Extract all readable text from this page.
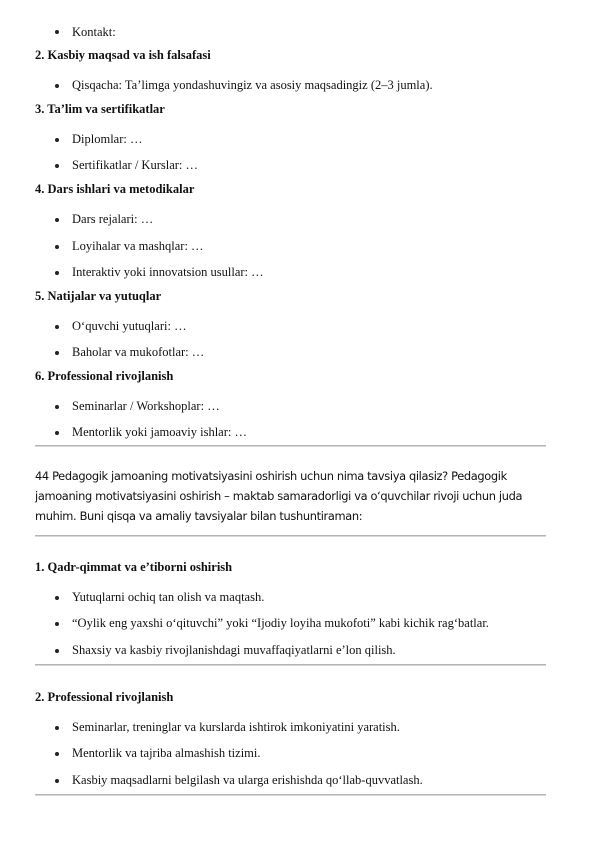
Kontakt:
2. Kasbiy maqsad va ish falsafasi
Qisqacha: Ta’limga yondashuvingiz va asosiy maqsadingiz (2–3 jumla).
3. Ta’lim va sertifikatlar
Diplomlar: …
Sertifikatlar / Kurslar: …
4. Dars ishlari va metodikalar
Dars rejalari: …
Loyihalar va mashqlar: …
Interaktiv yoki innovatsion usullar: …
5. Natijalar va yutuqlar
O‘quvchi yutuqlari: …
Baholar va mukofotlar: …
6. Professional rivojlanish
Seminarlar / Workshoplar: …
Mentorlik yoki jamoaviy ishlar: …
44 Pedagogik jamoaning motivatsiyasini oshirish uchun nima tavsiya qilasiz? Pedagogik
jamoaning motivatsiyasini oshirish – maktab samaradorligi va o‘quvchilar rivoji uchun juda
muhim. Buni qisqa va amaliy tavsiyalar bilan tushuntiraman:
1. Qadr-qimmat va e’tiborni oshirish
Yutuqlarni ochiq tan olish va maqtash.
“Oylik eng yaxshi o‘qituvchi” yoki “Ijodiy loyiha mukofoti” kabi kichik rag‘batlar.
Shaxsiy va kasbiy rivojlanishdagi muvaffaqiyatlarni e’lon qilish.
2. Professional rivojlanish
Seminarlar, treninglar va kurslarda ishtirok imkoniyatini yaratish.
Mentorlik va tajriba almashish tizimi.
Kasbiy maqsadlarni belgilash va ularga erishishda qo‘llab-quvvatlash.
